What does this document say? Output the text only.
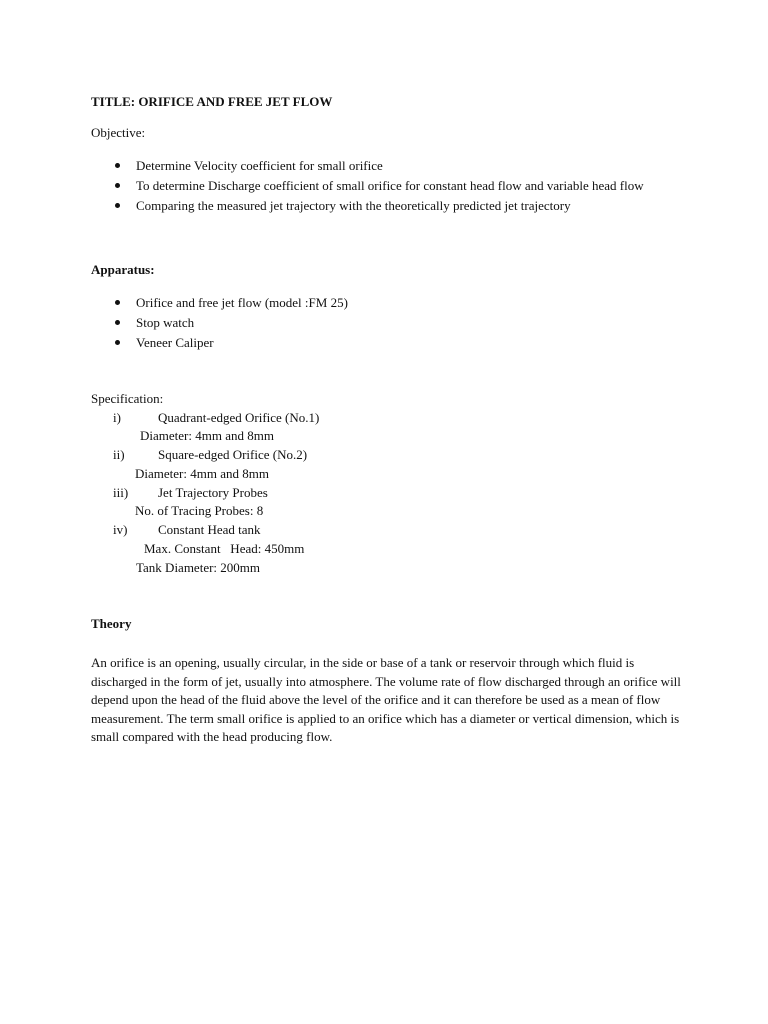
TITLE: ORIFICE AND FREE JET FLOW
Objective:
Determine Velocity coefficient for small orifice
To determine Discharge coefficient of small orifice for constant head flow and variable head flow
Comparing the measured jet trajectory with the theoretically predicted jet trajectory
Apparatus:
Orifice and free jet flow (model :FM 25)
Stop watch
Veneer Caliper
Specification:
i)	Quadrant-edged Orifice (No.1)
Diameter: 4mm and 8mm
ii)	Square-edged Orifice (No.2)
Diameter: 4mm and 8mm
iii) Jet Trajectory Probes
No. of Tracing Probes: 8
iv) Constant Head tank
Max. Constant   Head: 450mm
Tank Diameter: 200mm
Theory
An orifice is an opening, usually circular, in the side or base of a tank or reservoir through which fluid is discharged in the form of jet, usually into atmosphere. The volume rate of flow discharged through an orifice will depend upon the head of the fluid above the level of the orifice and it can therefore be used as a mean of flow measurement. The term small orifice is applied to an orifice which has a diameter or vertical dimension, which is small compared with the head producing flow.
